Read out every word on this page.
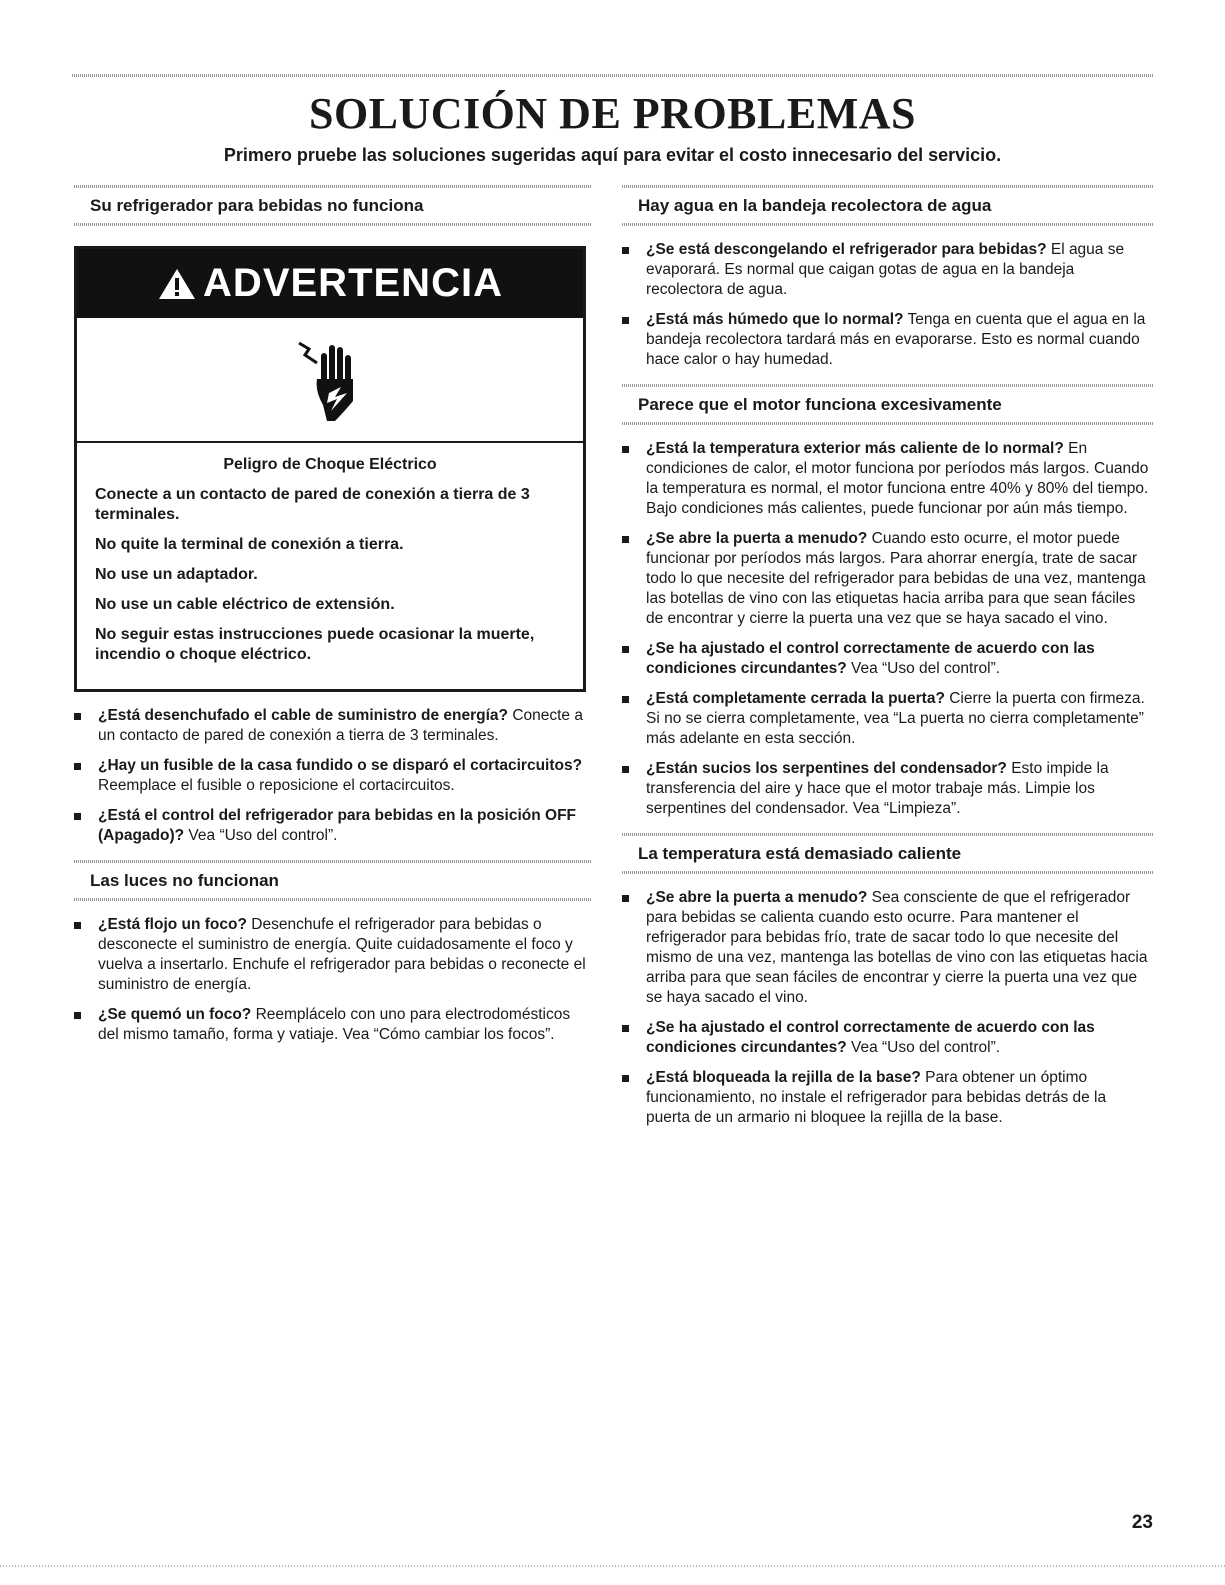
SOLUCIÓN DE PROBLEMAS

Primero pruebe las soluciones sugeridas aquí para evitar el costo innecesario del servicio.

Su refrigerador para bebidas no funciona
ADVERTENCIA

Peligro de Choque Eléctrico

Conecte a un contacto de pared de conexión a tierra de 3 terminales.

No quite la terminal de conexión a tierra.

No use un adaptador.

No use un cable eléctrico de extensión.

No seguir estas instrucciones puede ocasionar la muerte, incendio o choque eléctrico.

¿Está desenchufado el cable de suministro de energía? Conecte a un contacto de pared de conexión a tierra de 3 terminales.
¿Hay un fusible de la casa fundido o se disparó el cortacircuitos? Reemplace el fusible o reposicione el cortacircuitos.
¿Está el control del refrigerador para bebidas en la posición OFF (Apagado)? Vea “Uso del control”.
Las luces no funcionan
¿Está flojo un foco? Desenchufe el refrigerador para bebidas o desconecte el suministro de energía. Quite cuidadosamente el foco y vuelva a insertarlo. Enchufe el refrigerador para bebidas o reconecte el suministro de energía.
¿Se quemó un foco? Reemplácelo con uno para electrodomésticos del mismo tamaño, forma y vatiaje. Vea “Cómo cambiar los focos”.
Hay agua en la bandeja recolectora de agua
¿Se está descongelando el refrigerador para bebidas? El agua se evaporará. Es normal que caigan gotas de agua en la bandeja recolectora de agua.
¿Está más húmedo que lo normal? Tenga en cuenta que el agua en la bandeja recolectora tardará más en evaporarse. Esto es normal cuando hace calor o hay humedad.
Parece que el motor funciona excesivamente
¿Está la temperatura exterior más caliente de lo normal? En condiciones de calor, el motor funciona por períodos más largos. Cuando la temperatura es normal, el motor funciona entre 40% y 80% del tiempo. Bajo condiciones más calientes, puede funcionar por aún más tiempo.
¿Se abre la puerta a menudo? Cuando esto ocurre, el motor puede funcionar por períodos más largos. Para ahorrar energía, trate de sacar todo lo que necesite del refrigerador para bebidas de una vez, mantenga las botellas de vino con las etiquetas hacia arriba para que sean fáciles de encontrar y cierre la puerta una vez que se haya sacado el vino.
¿Se ha ajustado el control correctamente de acuerdo con las condiciones circundantes? Vea “Uso del control”.
¿Está completamente cerrada la puerta? Cierre la puerta con firmeza. Si no se cierra completamente, vea “La puerta no cierra completamente” más adelante en esta sección.
¿Están sucios los serpentines del condensador? Esto impide la transferencia del aire y hace que el motor trabaje más. Limpie los serpentines del condensador. Vea “Limpieza”.
La temperatura está demasiado caliente
¿Se abre la puerta a menudo? Sea consciente de que el refrigerador para bebidas se calienta cuando esto ocurre. Para mantener el refrigerador para bebidas frío, trate de sacar todo lo que necesite del mismo de una vez, mantenga las botellas de vino con las etiquetas hacia arriba para que sean fáciles de encontrar y cierre la puerta una vez que se haya sacado el vino.
¿Se ha ajustado el control correctamente de acuerdo con las condiciones circundantes? Vea “Uso del control”.
¿Está bloqueada la rejilla de la base? Para obtener un óptimo funcionamiento, no instale el refrigerador para bebidas detrás de la puerta de un armario ni bloquee la rejilla de la base.
23
